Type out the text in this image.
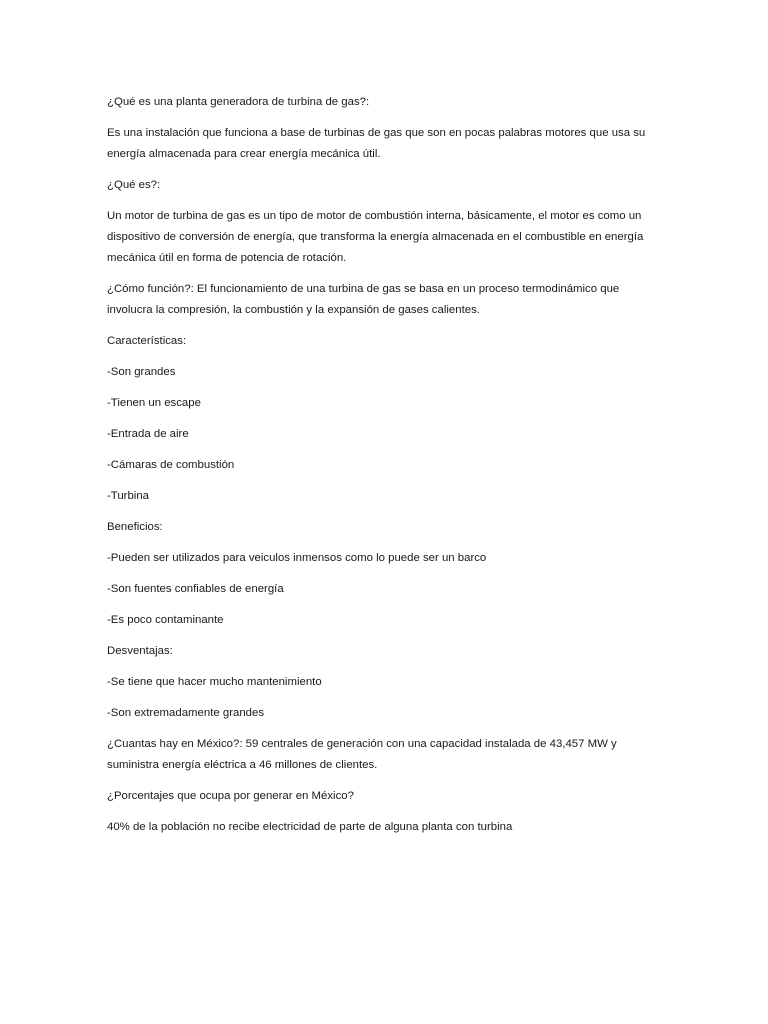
¿Qué es una planta generadora de turbina de gas?:

Es una instalación que funciona a base de turbinas de gas que son en pocas palabras motores que usa su energía almacenada para crear energía mecánica útil.

¿Qué es?:

Un motor de turbina de gas es un tipo de motor de combustión interna, básicamente, el motor es como un dispositivo de conversión de energía, que transforma la energía almacenada en el combustible en energía mecánica útil en forma de potencia de rotación.

¿Cómo función?: El funcionamiento de una turbina de gas se basa en un proceso termodinámico que involucra la compresión, la combustión y la expansión de gases calientes.

Características:

-Son grandes

-Tienen un escape

-Entrada de aire

-Cámaras de combustión

-Turbina

Beneficios:

-Pueden ser utilizados para veiculos inmensos como lo puede ser un barco

-Son fuentes confiables de energía

-Es poco contaminante

Desventajas:

-Se tiene que hacer mucho mantenimiento

-Son extremadamente grandes

¿Cuantas hay en México?: 59 centrales de generación con una capacidad instalada de 43,457 MW y suministra energía eléctrica a 46 millones de clientes.

¿Porcentajes que ocupa por generar en México?

40% de la población no recibe electricidad de parte de alguna planta con turbina
